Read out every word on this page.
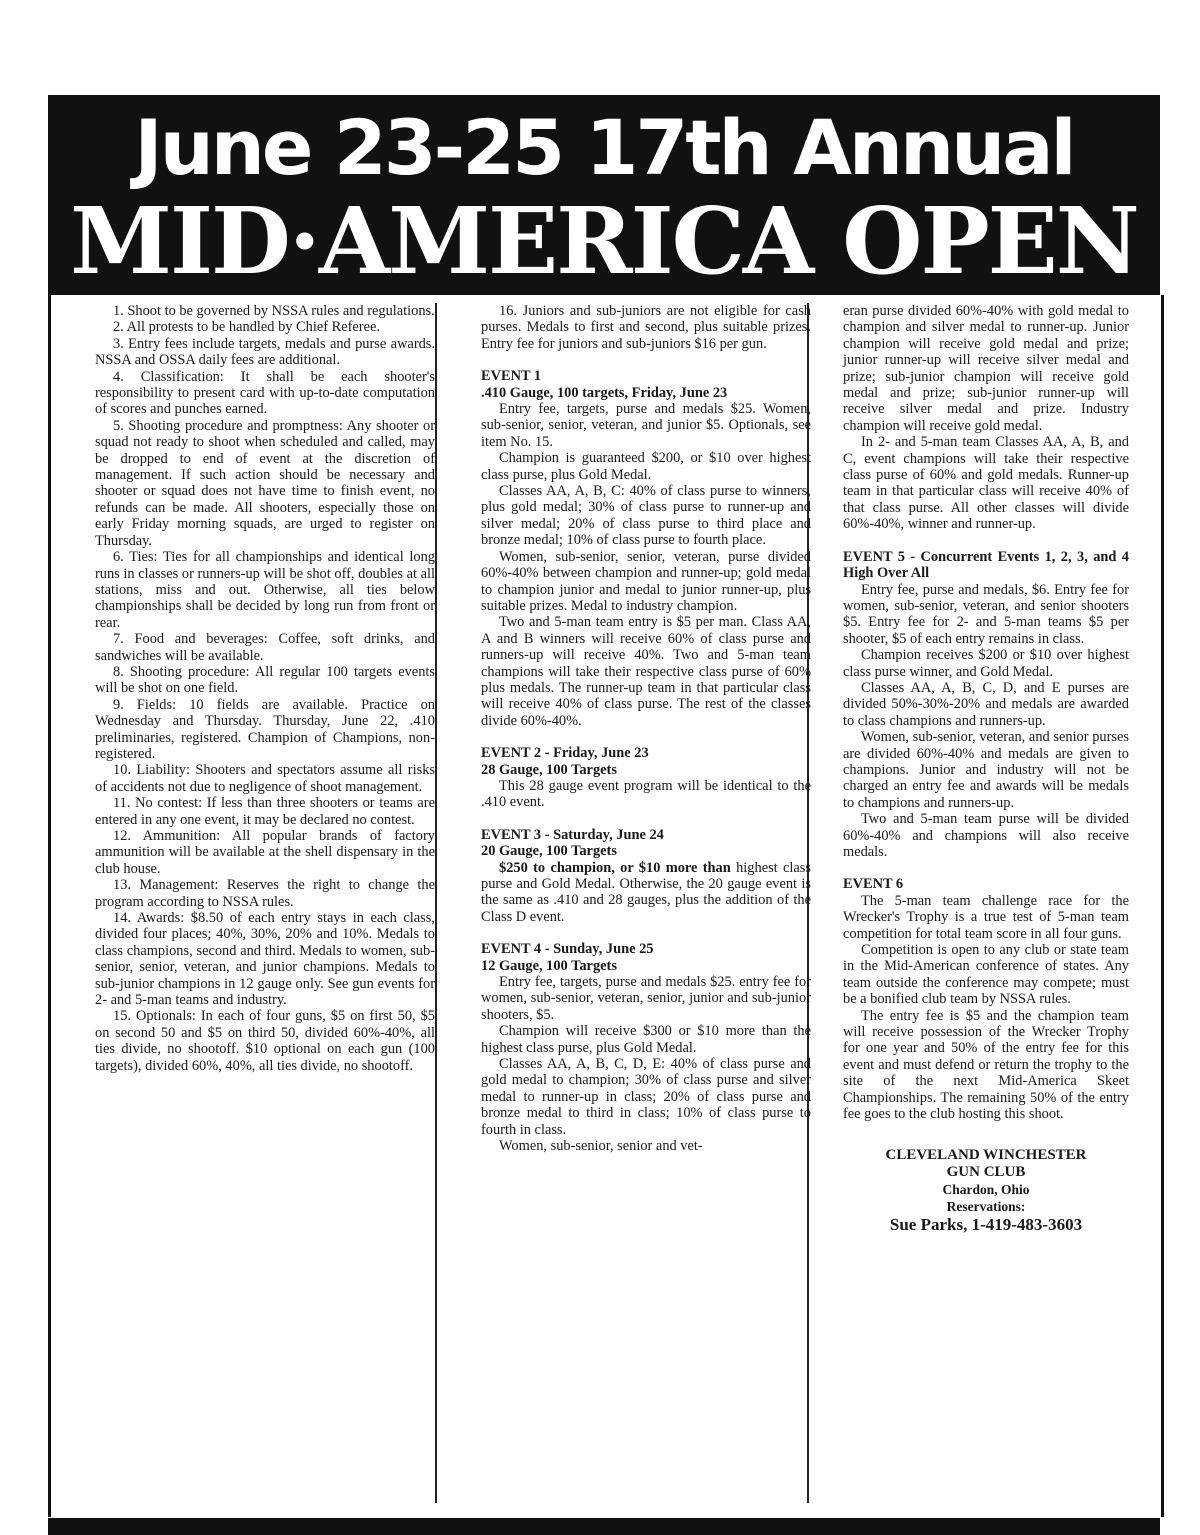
June 23-25 17th Annual
MID·AMERICA OPEN

1. Shoot to be governed by NSSA rules and regulations.

2. All protests to be handled by Chief Referee.

3. Entry fees include targets, medals and purse awards. NSSA and OSSA daily fees are additional.

4. Classification: It shall be each shooter's responsibility to present card with up-to-date computation of scores and punches earned.

5. Shooting procedure and promptness: Any shooter or squad not ready to shoot when scheduled and called, may be dropped to end of event at the discretion of management. If such action should be necessary and shooter or squad does not have time to finish event, no refunds can be made. All shooters, especially those on early Friday morning squads, are urged to register on Thursday.

6. Ties: Ties for all championships and identical long runs in classes or runners-up will be shot off, doubles at all stations, miss and out. Otherwise, all ties below championships shall be decided by long run from front or rear.

7. Food and beverages: Coffee, soft drinks, and sandwiches will be available.

8. Shooting procedure: All regular 100 targets events will be shot on one field.

9. Fields: 10 fields are available. Practice on Wednesday and Thursday. Thursday, June 22, .410 preliminaries, registered. Champion of Champions, non-registered.

10. Liability: Shooters and spectators assume all risks of accidents not due to negligence of shoot management.

11. No contest: If less than three shooters or teams are entered in any one event, it may be declared no contest.

12. Ammunition: All popular brands of factory ammunition will be available at the shell dispensary in the club house.

13. Management: Reserves the right to change the program according to NSSA rules.

14. Awards: $8.50 of each entry stays in each class, divided four places; 40%, 30%, 20% and 10%. Medals to class champions, second and third. Medals to women, sub-senior, senior, veteran, and junior champions. Medals to sub-junior champions in 12 gauge only. See gun events for 2- and 5-man teams and industry.

15. Optionals: In each of four guns, $5 on first 50, $5 on second 50 and $5 on third 50, divided 60%-40%, all ties divide, no shootoff. $10 optional on each gun (100 targets), divided 60%, 40%, all ties divide, no shootoff.

16. Juniors and sub-juniors are not eligible for cash purses. Medals to first and second, plus suitable prizes. Entry fee for juniors and sub-juniors $16 per gun.

EVENT 1

.410 Gauge, 100 targets, Friday, June 23

Entry fee, targets, purse and medals $25. Women, sub-senior, senior, veteran, and junior $5. Optionals, see item No. 15.

Champion is guaranteed $200, or $10 over highest class purse, plus Gold Medal.

Classes AA, A, B, C: 40% of class purse to winners, plus gold medal; 30% of class purse to runner-up and silver medal; 20% of class purse to third place and bronze medal; 10% of class purse to fourth place.

Women, sub-senior, senior, veteran, purse divided 60%-40% between champion and runner-up; gold medal to champion junior and medal to junior runner-up, plus suitable prizes. Medal to industry champion.

Two and 5-man team entry is $5 per man. Class AA, A and B winners will receive 60% of class purse and runners-up will receive 40%. Two and 5-man team champions will take their respective class purse of 60% plus medals. The runner-up team in that particular class will receive 40% of class purse. The rest of the classes divide 60%-40%.

EVENT 2 - Friday, June 23

28 Gauge, 100 Targets

This 28 gauge event program will be identical to the .410 event.

EVENT 3 - Saturday, June 24

20 Gauge, 100 Targets

$250 to champion, or $10 more than highest class purse and Gold Medal. Otherwise, the 20 gauge event is the same as .410 and 28 gauges, plus the addition of the Class D event.

EVENT 4 - Sunday, June 25

12 Gauge, 100 Targets

Entry fee, targets, purse and medals $25. entry fee for women, sub-senior, veteran, senior, junior and sub-junior shooters, $5.

Champion will receive $300 or $10 more than the highest class purse, plus Gold Medal.

Classes AA, A, B, C, D, E: 40% of class purse and gold medal to champion; 30% of class purse and silver medal to runner-up in class; 20% of class purse and bronze medal to third in class; 10% of class purse to fourth in class.

Women, sub-senior, senior and vet-

eran purse divided 60%-40% with gold medal to champion and silver medal to runner-up. Junior champion will receive gold medal and prize; junior runner-up will receive silver medal and prize; sub-junior champion will receive gold medal and prize; sub-junior runner-up will receive silver medal and prize. Industry champion will receive gold medal.

In 2- and 5-man team Classes AA, A, B, and C, event champions will take their respective class purse of 60% and gold medals. Runner-up team in that particular class will receive 40% of that class purse. All other classes will divide 60%-40%, winner and runner-up.

EVENT 5 - Concurrent Events 1, 2, 3, and 4 High Over All

Entry fee, purse and medals, $6. Entry fee for women, sub-senior, veteran, and senior shooters $5. Entry fee for 2- and 5-man teams $5 per shooter, $5 of each entry remains in class.

Champion receives $200 or $10 over highest class purse winner, and Gold Medal.

Classes AA, A, B, C, D, and E purses are divided 50%-30%-20% and medals are awarded to class champions and runners-up.

Women, sub-senior, veteran, and senior purses are divided 60%-40% and medals are given to champions. Junior and industry will not be charged an entry fee and awards will be medals to champions and runners-up.

Two and 5-man team purse will be divided 60%-40% and champions will also receive medals.

EVENT 6

The 5-man team challenge race for the Wrecker's Trophy is a true test of 5-man team competition for total team score in all four guns.

Competition is open to any club or state team in the Mid-American conference of states. Any team outside the conference may compete; must be a bonified club team by NSSA rules.

The entry fee is $5 and the champion team will receive possession of the Wrecker Trophy for one year and 50% of the entry fee for this event and must defend or return the trophy to the site of the next Mid-America Skeet Championships. The remaining 50% of the entry fee goes to the club hosting this shoot.

CLEVELAND WINCHESTER
GUN CLUB
Chardon, Ohio
Reservations:
Sue Parks, 1-419-483-3603
